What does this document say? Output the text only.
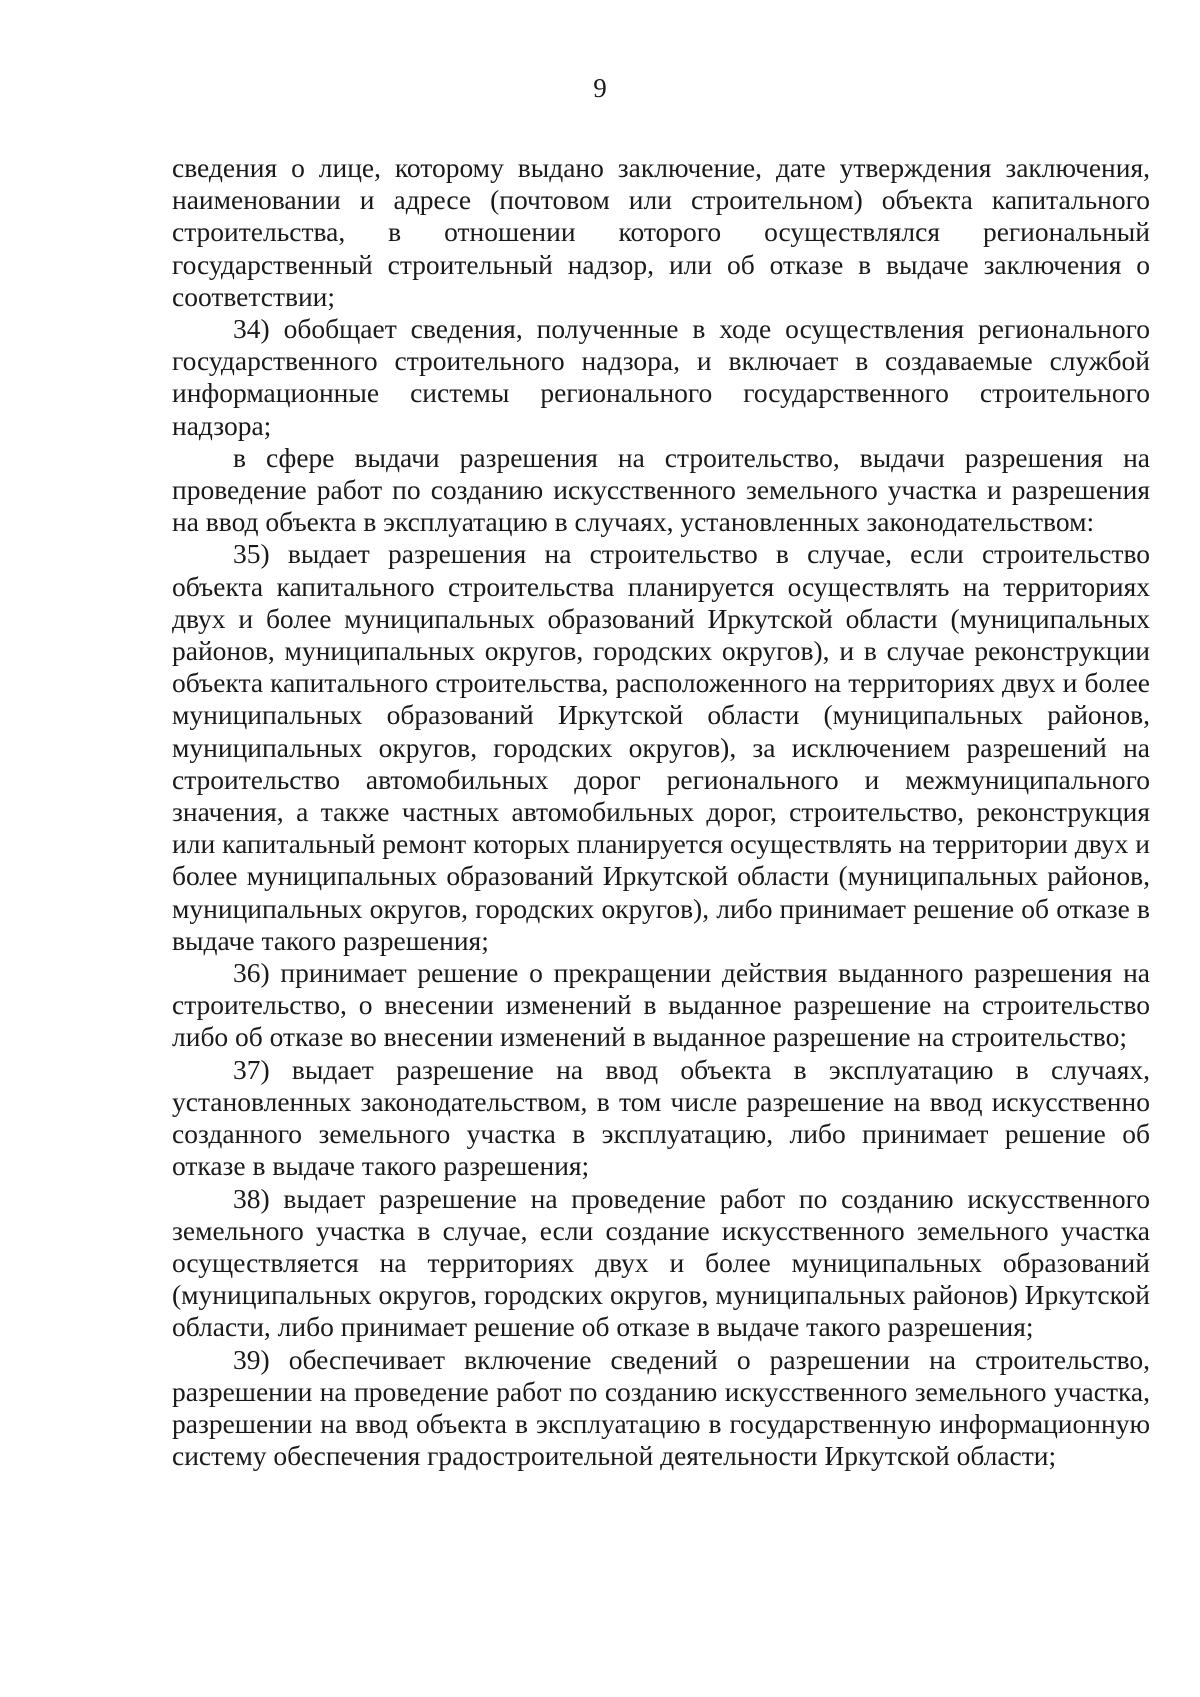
9

сведения о лице, которому выдано заключение, дате утверждения заключения, наименовании и адресе (почтовом или строительном) объекта капитального строительства, в отношении которого осуществлялся региональный государственный строительный надзор, или об отказе в выдаче заключения о соответствии;

34) обобщает сведения, полученные в ходе осуществления регионального государственного строительного надзора, и включает в создаваемые службой информационные системы регионального государственного строительного надзора;

в сфере выдачи разрешения на строительство, выдачи разрешения на проведение работ по созданию искусственного земельного участка и разрешения на ввод объекта в эксплуатацию в случаях, установленных законодательством:

35) выдает разрешения на строительство в случае, если строительство объекта капитального строительства планируется осуществлять на территориях двух и более муниципальных образований Иркутской области (муниципальных районов, муниципальных округов, городских округов), и в случае реконструкции объекта капитального строительства, расположенного на территориях двух и более муниципальных образований Иркутской области (муниципальных районов, муниципальных округов, городских округов), за исключением разрешений на строительство автомобильных дорог регионального и межмуниципального значения, а также частных автомобильных дорог, строительство, реконструкция или капитальный ремонт которых планируется осуществлять на территории двух и более муниципальных образований Иркутской области (муниципальных районов, муниципальных округов, городских округов), либо принимает решение об отказе в выдаче такого разрешения;

36) принимает решение о прекращении действия выданного разрешения на строительство, о внесении изменений в выданное разрешение на строительство либо об отказе во внесении изменений в выданное разрешение на строительство;

37) выдает разрешение на ввод объекта в эксплуатацию в случаях, установленных законодательством, в том числе разрешение на ввод искусственно созданного земельного участка в эксплуатацию, либо принимает решение об отказе в выдаче такого разрешения;

38) выдает разрешение на проведение работ по созданию искусственного земельного участка в случае, если создание искусственного земельного участка осуществляется на территориях двух и более муниципальных образований (муниципальных округов, городских округов, муниципальных районов) Иркутской области, либо принимает решение об отказе в выдаче такого разрешения;

39) обеспечивает включение сведений о разрешении на строительство, разрешении на проведение работ по созданию искусственного земельного участка, разрешении на ввод объекта в эксплуатацию в государственную информационную систему обеспечения градостроительной деятельности Иркутской области;
